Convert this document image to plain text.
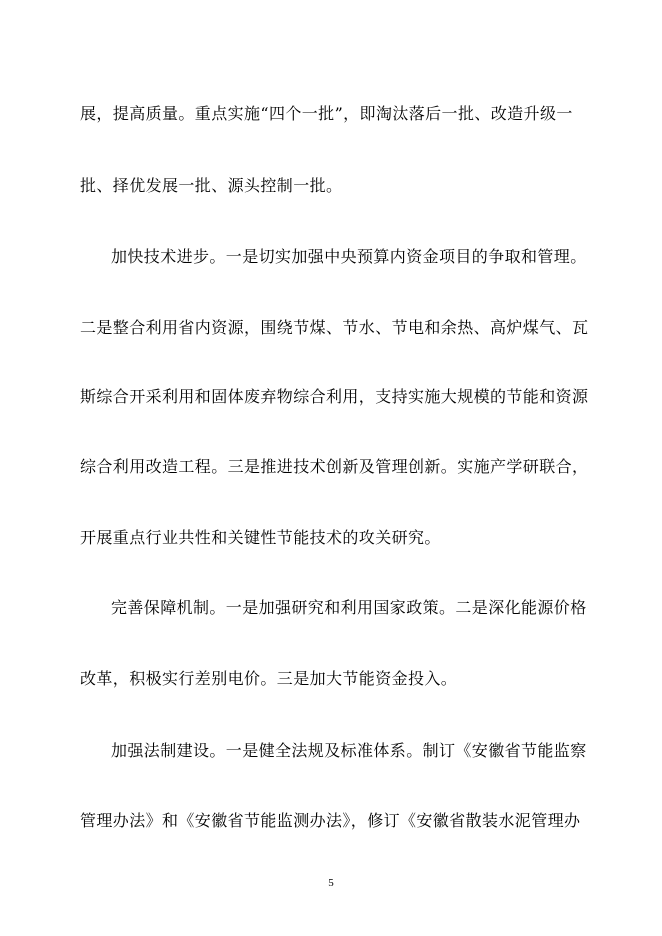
展，提高质量。重点实施“四个一批”，即淘汰落后一批、改造升级一
批、择优发展一批、源头控制一批。
加快技术进步。一是切实加强中央预算内资金项目的争取和管理。
二是整合利用省内资源，围绕节煤、节水、节电和余热、高炉煤气、瓦
斯综合开采利用和固体废弃物综合利用，支持实施大规模的节能和资源
综合利用改造工程。三是推进技术创新及管理创新。实施产学研联合，
开展重点行业共性和关键性节能技术的攻关研究。
完善保障机制。一是加强研究和利用国家政策。二是深化能源价格
改革，积极实行差别电价。三是加大节能资金投入。
加强法制建设。一是健全法规及标准体系。制订《安徽省节能监察
管理办法》和《安徽省节能监测办法》，修订《安徽省散装水泥管理办
5
